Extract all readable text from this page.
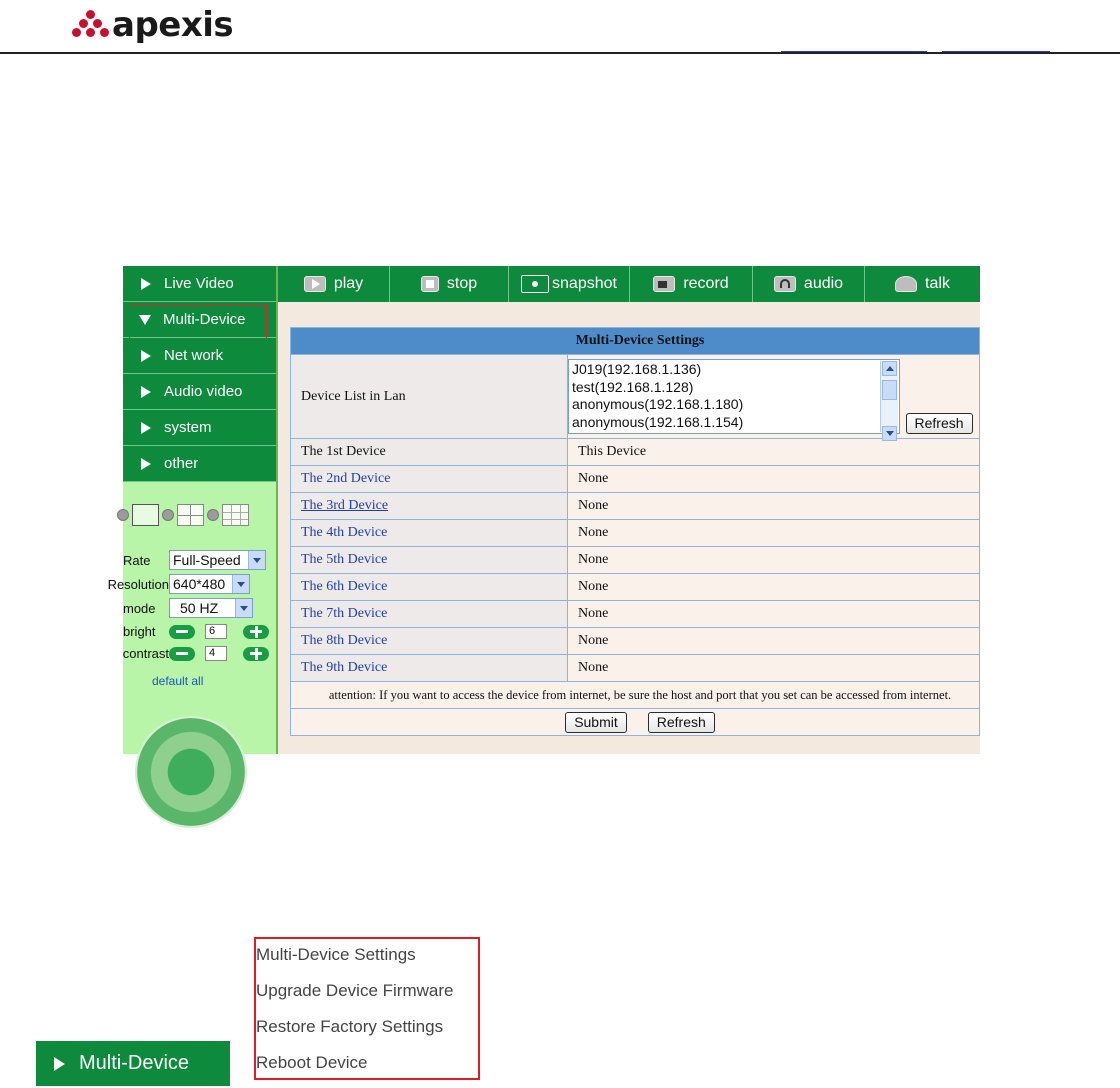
apexis
Live Video
Multi-Device
Net work
Audio video
system
other
Rate	Full-Speed
Resolution 640*480
mode	50 HZ
bright	6
contrast	4
default all
play	stop	snapshot	record	audio	talk
Multi-Device Settings	
Device List in Lan	J019(192.168.1.136)
test(192.168.1.128)
anonymous(192.168.1.180)
anonymous(192.168.1.154) Refresh
The 1st Device	This Device
The 2nd Device	None
The 3rd Device	None
The 4th Device	None
The 5th Device	None
The 6th Device	None
The 7th Device	None
The 8th Device	None
The 9th Device	None
attention: If you want to access the device from internet, be sure the host and port that you set can be accessed from internet.	
Submit Refresh	
Multi-Device Settings
Upgrade Device Firmware
Restore Factory Settings
Reboot Device
Multi-Device
